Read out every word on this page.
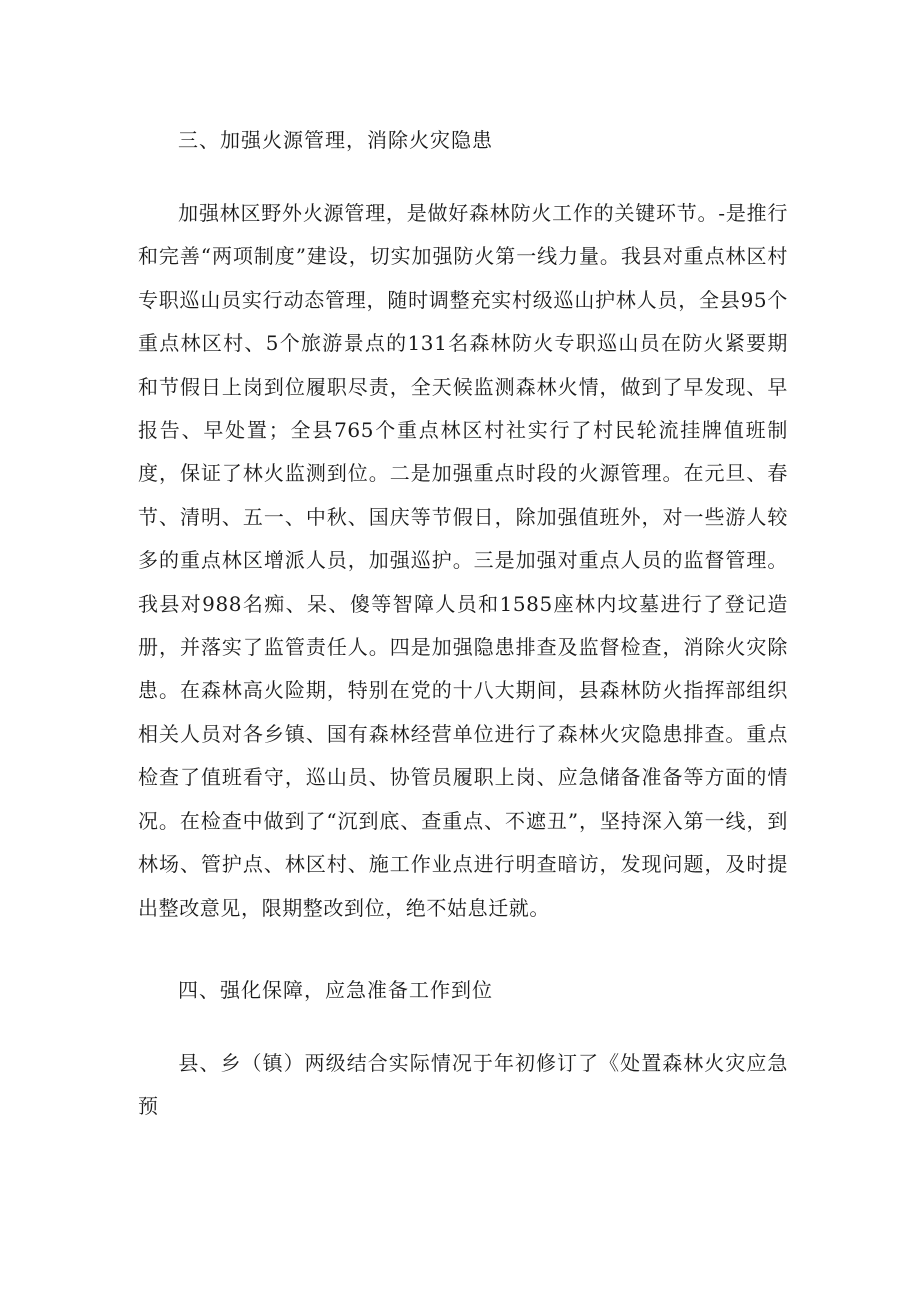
三、加强火源管理，消除火灾隐患

加强林区野外火源管理，是做好森林防火工作的关键环节。-是推行和完善“两项制度”建设，切实加强防火第一线力量。我县对重点林区村专职巡山员实行动态管理，随时调整充实村级巡山护林人员，全县95个重点林区村、5个旅游景点的131名森林防火专职巡山员在防火紧要期和节假日上岗到位履职尽责，全天候监测森林火情，做到了早发现、早报告、早处置；全县765个重点林区村社实行了村民轮流挂牌值班制度，保证了林火监测到位。二是加强重点时段的火源管理。在元旦、春节、清明、五一、中秋、国庆等节假日，除加强值班外，对一些游人较多的重点林区增派人员，加强巡护。三是加强对重点人员的监督管理。我县对988名痴、呆、傻等智障人员和1585座林内坟墓进行了登记造册，并落实了监管责任人。四是加强隐患排查及监督检查，消除火灾除患。在森林高火险期，特别在党的十八大期间，县森林防火指挥部组织相关人员对各乡镇、国有森林经营单位进行了森林火灾隐患排查。重点检查了值班看守，巡山员、协管员履职上岗、应急储备准备等方面的情况。在检查中做到了“沉到底、查重点、不遮丑”，坚持深入第一线，到林场、管护点、林区村、施工作业点进行明查暗访，发现问题，及时提出整改意见，限期整改到位，绝不姑息迁就。

四、强化保障，应急准备工作到位

县、乡（镇）两级结合实际情况于年初修订了《处置森林火灾应急预
